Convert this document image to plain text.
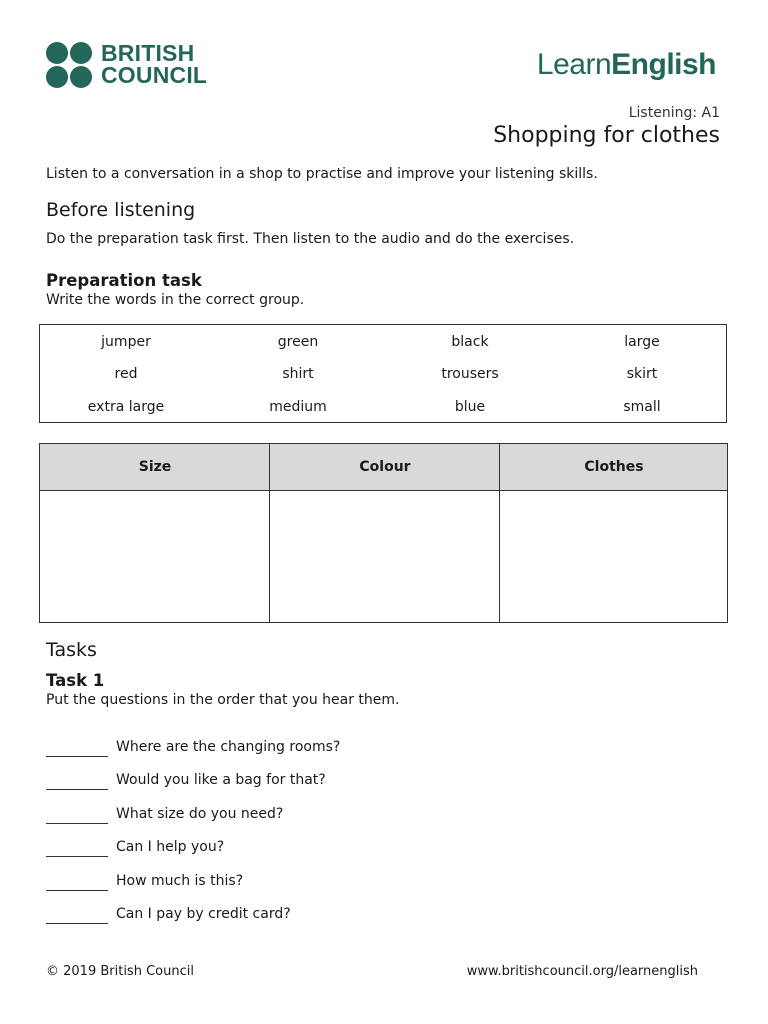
BRITISH
COUNCIL	LearnEnglish
Listening: A1
Shopping for clothes
Listen to a conversation in a shop to practise and improve your listening skills.
Before listening
Do the preparation task first. Then listen to the audio and do the exercises.
Preparation task
Write the words in the correct group.
jumper	green	black	large
red	shirt	trousers	skirt
extra large	medium	blue	small
Size	Colour	Clothes
Tasks
Task 1
Put the questions in the order that you hear them.
Where are the changing rooms?
Would you like a bag for that?
What size do you need?
Can I help you?
How much is this?
Can I pay by credit card?
© 2019 British Council	www.britishcouncil.org/learnenglish
